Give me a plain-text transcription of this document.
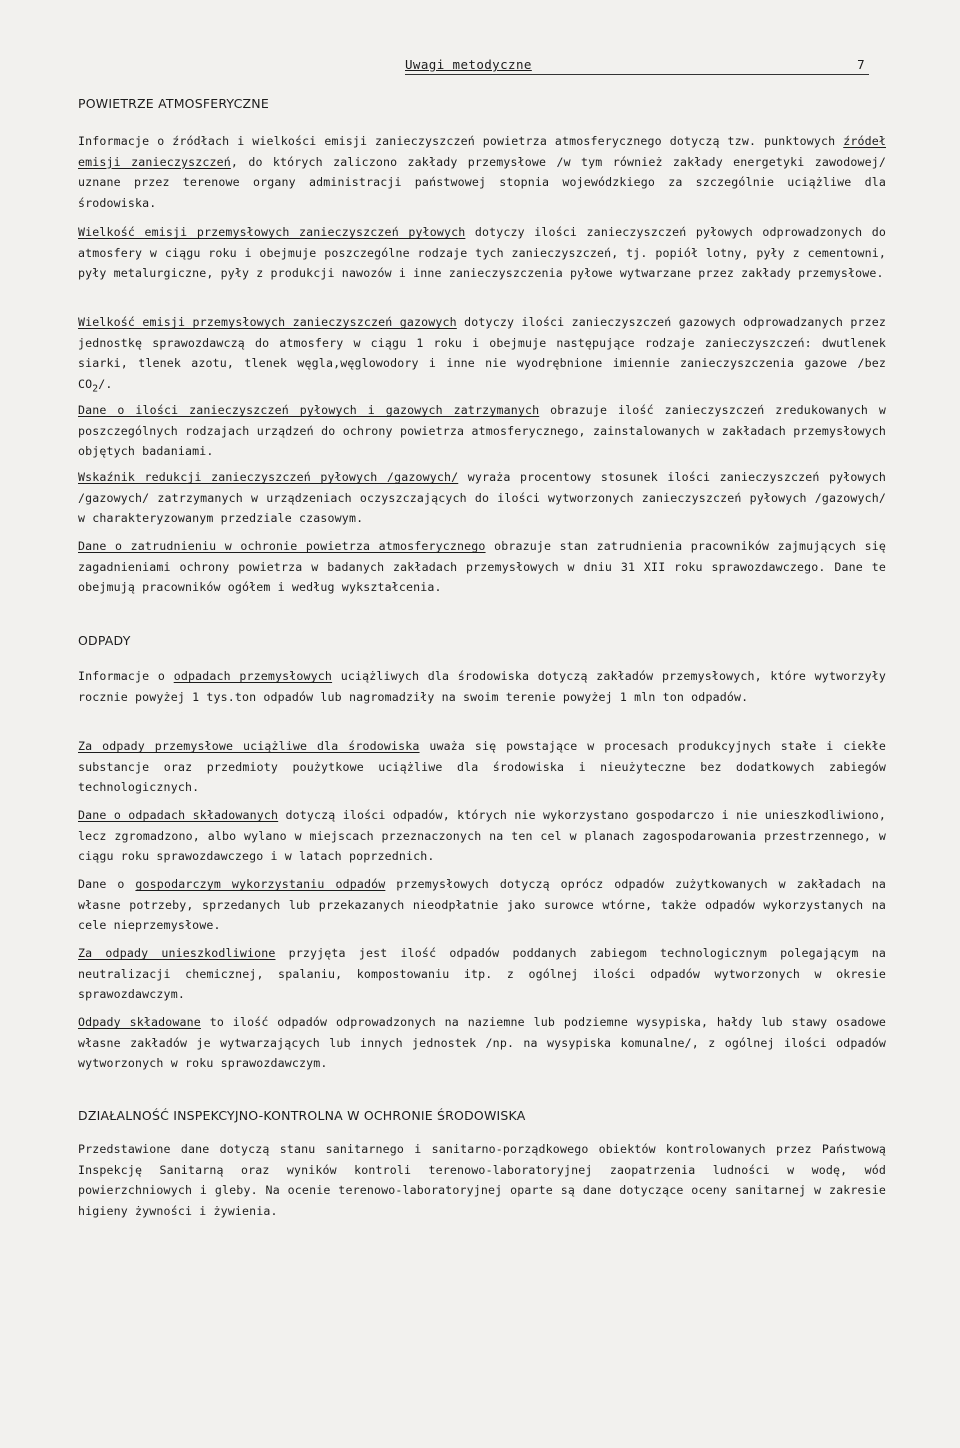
Uwagi metodyczne	7
POWIETRZE ATMOSFERYCZNE

Informacje o źródłach i wielkości emisji zanieczyszczeń powietrza atmosferycznego dotyczą tzw. punktowych źródeł emisji zanieczyszczeń, do których zaliczono zakłady przemysłowe /w tym również zakłady energetyki zawodowej/ uznane przez terenowe organy administracji państwowej stopnia wojewódzkiego za szczególnie uciążliwe dla środowiska.

Wielkość emisji przemysłowych zanieczyszczeń pyłowych dotyczy ilości zanieczyszczeń pyłowych odprowadzonych do atmosfery w ciągu roku i obejmuje poszczególne rodzaje tych zanieczyszczeń, tj. popiół lotny, pyły z cementowni, pyły metalurgiczne, pyły z produkcji nawozów i inne zanieczyszczenia pyłowe wytwarzane przez zakłady przemysłowe.

Wielkość emisji przemysłowych zanieczyszczeń gazowych dotyczy ilości zanieczyszczeń gazowych odprowadzanych przez jednostkę sprawozdawczą do atmosfery w ciągu 1 roku i obejmuje następujące rodzaje zanieczyszczeń: dwutlenek siarki, tlenek azotu, tlenek węgla,węglowodory i inne nie wyodrębnione imiennie zanieczyszczenia gazowe /bez $CO_2/$.

Dane o ilości zanieczyszczeń pyłowych i gazowych zatrzymanych obrazuje ilość zanieczyszczeń zredukowanych w poszczególnych rodzajach urządzeń do ochrony powietrza atmosferycznego, zainstalowanych w zakładach przemysłowych objętych badaniami.

Wskaźnik redukcji zanieczyszczeń pyłowych /gazowych/ wyraża procentowy stosunek ilości zanieczyszczeń pyłowych /gazowych/ zatrzymanych w urządzeniach oczyszczających do ilości wytworzonych zanieczyszczeń pyłowych /gazowych/ w charakteryzowanym przedziale czasowym.

Dane o zatrudnieniu w ochronie powietrza atmosferycznego obrazuje stan zatrudnienia pracowników zajmujących się zagadnieniami ochrony powietrza w badanych zakładach przemysłowych w dniu 31 XII roku sprawozdawczego. Dane te obejmują pracowników ogółem i według wykształcenia.

ODPADY

Informacje o odpadach przemysłowych uciążliwych dla środowiska dotyczą zakładów przemysłowych, które wytworzyły rocznie powyżej 1 tys.ton odpadów lub nagromadziły na swoim terenie powyżej 1 mln ton odpadów.

Za odpady przemysłowe uciążliwe dla środowiska uważa się powstające w procesach produkcyjnych stałe i ciekłe substancje oraz przedmioty poużytkowe uciążliwe dla środowiska i nieużyteczne bez dodatkowych zabiegów technologicznych.

Dane o odpadach składowanych dotyczą ilości odpadów, których nie wykorzystano gospodarczo i nie unieszkodliwiono, lecz zgromadzono, albo wylano w miejscach przeznaczonych na ten cel w planach zagospodarowania przestrzennego, w ciągu roku sprawozdawczego i w latach poprzednich.

Dane o gospodarczym wykorzystaniu odpadów przemysłowych dotyczą oprócz odpadów zużytkowanych w zakładach na własne potrzeby, sprzedanych lub przekazanych nieodpłatnie jako surowce wtórne, także odpadów wykorzystanych na cele nieprzemysłowe.

Za odpady unieszkodliwione przyjęta jest ilość odpadów poddanych zabiegom technologicznym polegającym na neutralizacji chemicznej, spalaniu, kompostowaniu itp. z ogólnej ilości odpadów wytworzonych w okresie sprawozdawczym.

Odpady składowane to ilość odpadów odprowadzonych na naziemne lub podziemne wysypiska, hałdy lub stawy osadowe własne zakładów je wytwarzających lub innych jednostek /np. na wysypiska komunalne/, z ogólnej ilości odpadów wytworzonych w roku sprawozdawczym.

DZIAŁALNOŚĆ INSPEKCYJNO-KONTROLNA W OCHRONIE ŚRODOWISKA

Przedstawione dane dotyczą stanu sanitarnego i sanitarno-porządkowego obiektów kontrolowanych przez Państwową Inspekcję Sanitarną oraz wyników kontroli terenowo-laboratoryjnej zaopatrzenia ludności w wodę, wód powierzchniowych i gleby. Na ocenie terenowo-laboratoryjnej oparte są dane dotyczące oceny sanitarnej w zakresie higieny żywności i żywienia.
